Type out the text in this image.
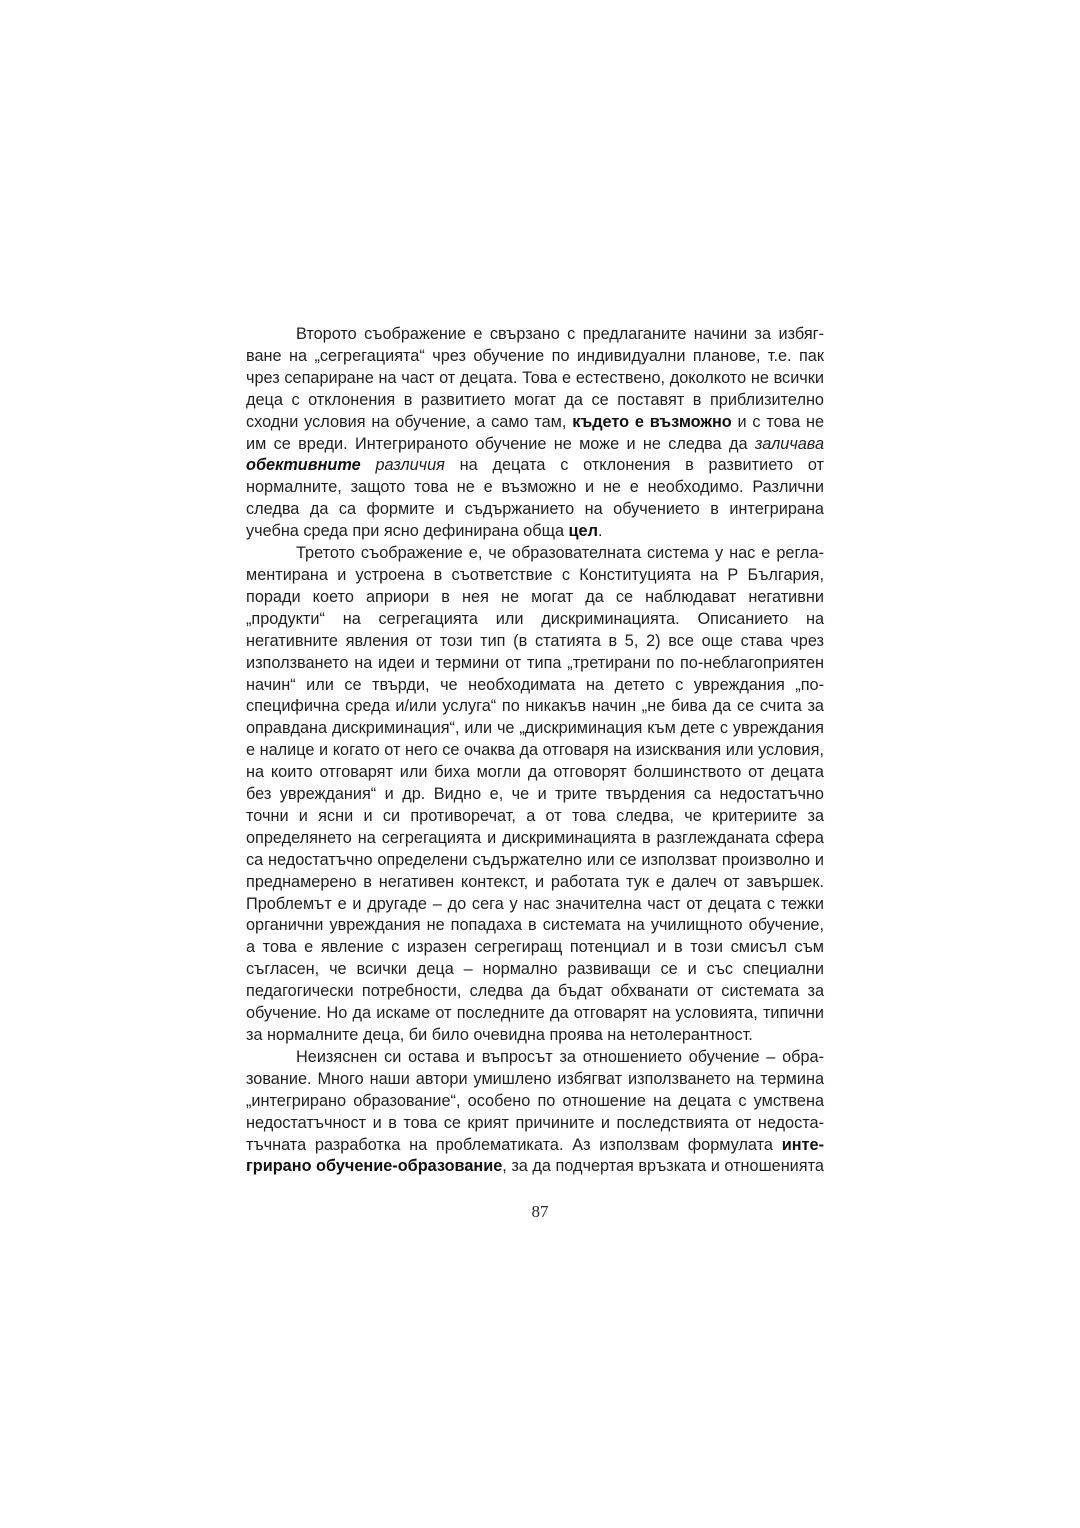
Второто съображение е свързано с предлаганите начини за избягване на „сегрегацията“ чрез обучение по индивидуални планове, т.е. пак чрез сепариране на част от децата. Това е естествено, доколкото не всички деца с отклонения в развитието могат да се поставят в приблизително сходни условия на обучение, а само там, където е възможно и с това не им се вреди. Интегрираното обучение не може и не следва да заличава обективните различия на децата с отклонения в развитието от нормалните, защото това не е възможно и не е необходимо. Различни следва да са формите и съдържанието на обучението в интегрирана учебна среда при ясно дефинирана обща цел.

Третото съображение е, че образователната система у нас е регламентирана и устроена в съответствие с Конституцията на Р България, поради което априори в нея не могат да се наблюдават негативни „продукти“ на сегрегацията или дискриминацията. Описанието на негативните явления от този тип (в статията в 5, 2) все още става чрез използването на идеи и термини от типа „третирани по по-неблагоприятен начин“ или се твърди, че необходимата на детето с увреждания „по-специфична среда и/или услуга“ по никакъв начин „не бива да се счита за оправдана дискриминация“, или че „дискриминация към дете с увреждания е налице и когато от него се очаква да отговаря на изисквания или условия, на които отговарят или биха могли да отговорят болшинството от децата без увреждания“ и др. Видно е, че и трите твърдения са недостатъчно точни и ясни и си противоречат, а от това следва, че критериите за определянето на сегрегацията и дискриминацията в разглежданата сфера са недостатъчно определени съдържателно или се използват произволно и преднамерено в негативен контекст, и работата тук е далеч от завършек. Проблемът е и другаде – до сега у нас значителна част от децата с тежки органични увреждания не попадаха в системата на училищното обучение, а това е явление с изразен сегрегиращ потенциал и в този смисъл съм съгласен, че всички деца – нормално развиващи се и със специални педагогически потребности, следва да бъдат обхванати от системата за обучение. Но да искаме от последните да отговарят на условията, типични за нормалните деца, би било очевидна проява на нетолерантност.

Неизяснен си остава и въпросът за отношението обучение – образование. Много наши автори умишлено избягват използването на термина „интегрирано образование“, особено по отношение на децата с умствена недостатъчност и в това се крият причините и последствията от недостатъчната разработка на проблематиката. Аз използвам формулата интегрирано обучение-образование, за да подчертая връзката и отношенията

87
